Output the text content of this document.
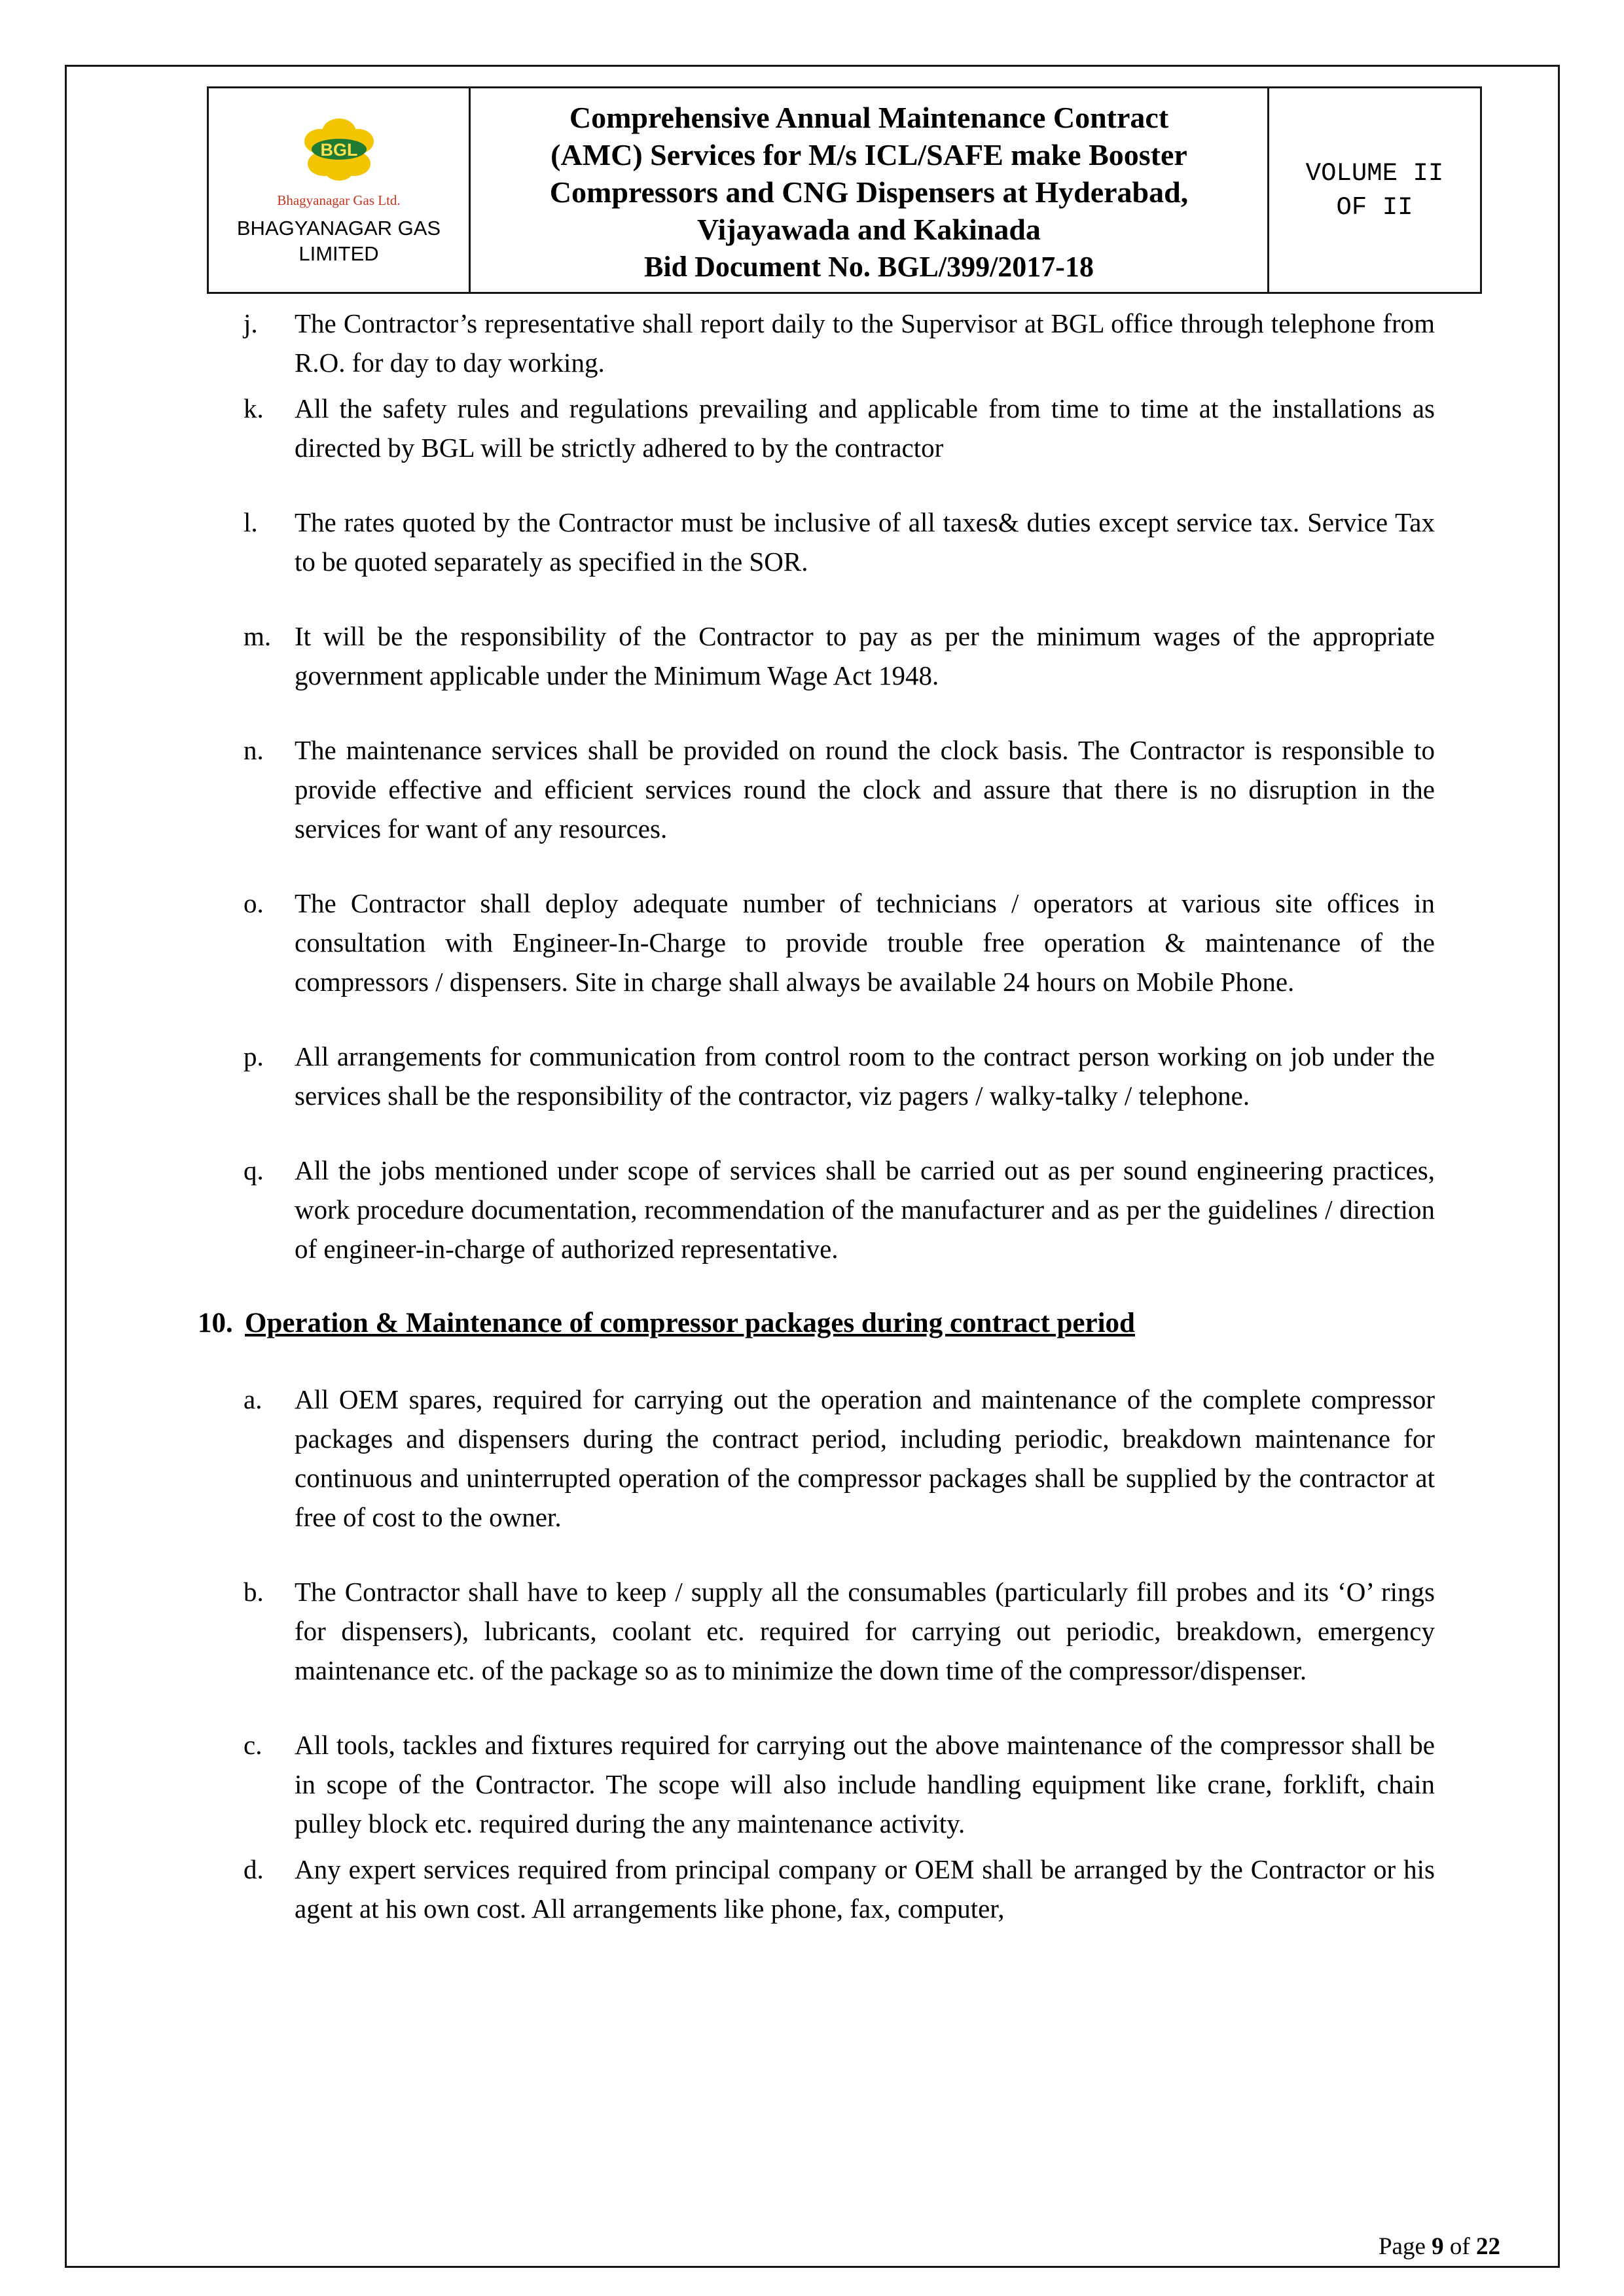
BGL
Bhagyanagar Gas Ltd.
BHAGYANAGAR GAS
LIMITED
Comprehensive Annual Maintenance Contract
(AMC) Services for M/s ICL/SAFE make Booster
Compressors and CNG Dispensers at Hyderabad,
Vijayawada and Kakinada
Bid Document No. BGL/399/2017-18
VOLUME II
OF II
j.	The Contractor’s representative shall report daily to the Supervisor at BGL office through telephone from R.O. for day to day working.
k.	All the safety rules and regulations prevailing and applicable from time to time at the installations as directed by BGL will be strictly adhered to by the contractor
l.	The rates quoted by the Contractor must be inclusive of all taxes& duties except service tax. Service Tax to be quoted separately as specified in the SOR.
m. It will be the responsibility of the Contractor to pay as per the minimum wages of the appropriate government applicable under the Minimum Wage Act 1948.
n.	The maintenance services shall be provided on round the clock basis. The Contractor is responsible to provide effective and efficient services round the clock and assure that there is no disruption in the services for want of any resources.
o.	The Contractor shall deploy adequate number of technicians / operators at various site offices in consultation with Engineer-In-Charge to provide trouble free operation & maintenance of the compressors / dispensers. Site in charge shall always be available 24 hours on Mobile Phone.
p.	All arrangements for communication from control room to the contract person working on job under the services shall be the responsibility of the contractor, viz pagers / walky-talky / telephone.
q.	All the jobs mentioned under scope of services shall be carried out as per sound engineering practices, work procedure documentation, recommendation of the manufacturer and as per the guidelines / direction of engineer-in-charge of authorized representative.
10. Operation & Maintenance of compressor packages during contract period
a.	All OEM spares, required for carrying out the operation and maintenance of the complete compressor packages and dispensers during the contract period, including periodic, breakdown maintenance for continuous and uninterrupted operation of the compressor packages shall be supplied by the contractor at free of cost to the owner.
b.	The Contractor shall have to keep / supply all the consumables (particularly fill probes and its ‘O’ rings for dispensers), lubricants, coolant etc. required for carrying out periodic, breakdown, emergency maintenance etc. of the package so as to minimize the down time of the compressor/dispenser.
c.	All tools, tackles and fixtures required for carrying out the above maintenance of the compressor shall be in scope of the Contractor. The scope will also include handling equipment like crane, forklift, chain pulley block etc. required during the any maintenance activity.
d.	Any expert services required from principal company or OEM shall be arranged by the Contractor or his agent at his own cost. All arrangements like phone, fax, computer,
Page 9 of 22
